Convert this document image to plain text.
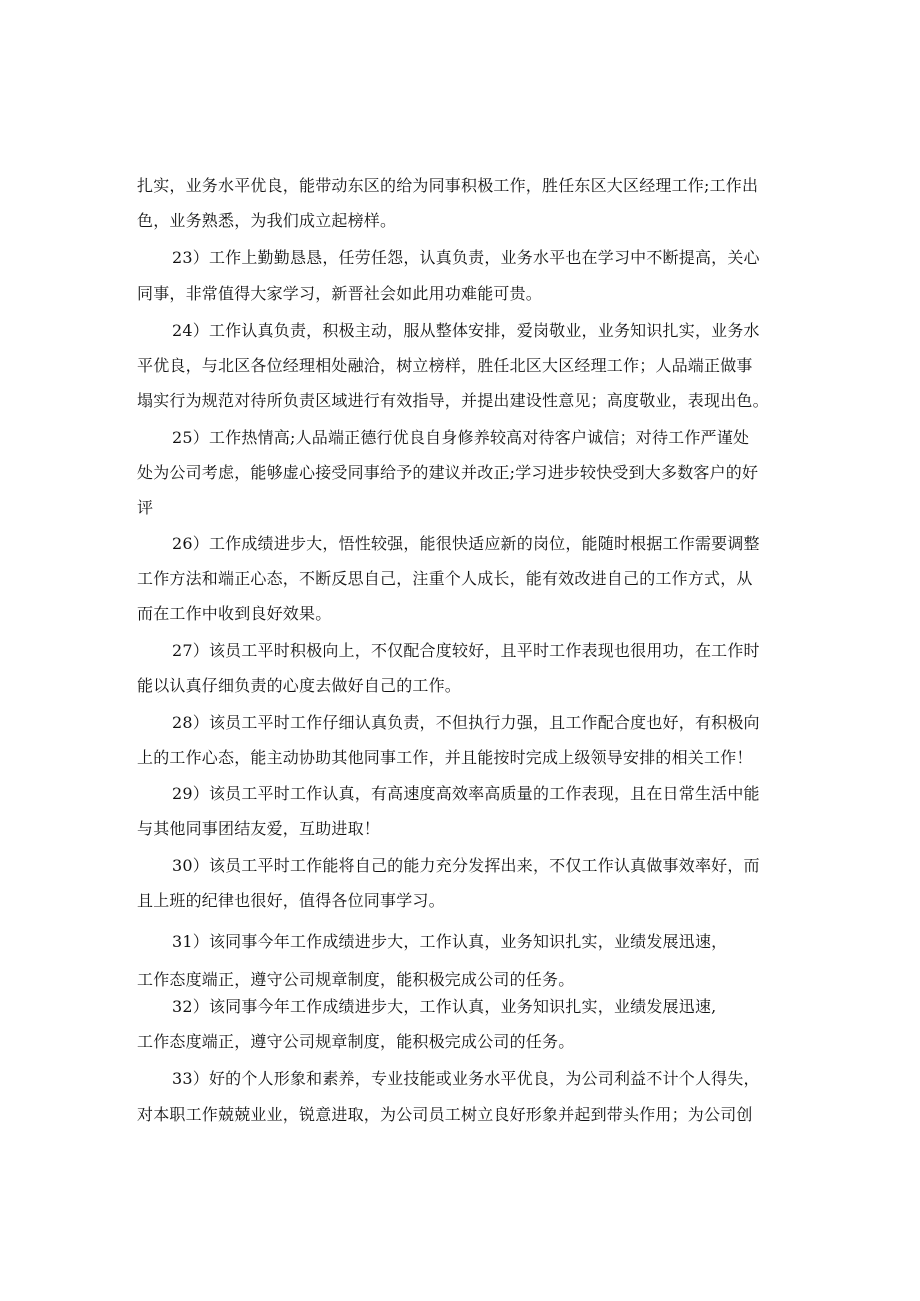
扎实，业务水平优良，能带动东区的给为同事积极工作，胜任东区大区经理工作;工作出
色，业务熟悉，为我们成立起榜样。
23）工作上勤勤恳恳，任劳任怨，认真负责，业务水平也在学习中不断提高，关心
同事，非常值得大家学习，新晋社会如此用功难能可贵。
24）工作认真负责，积极主动，服从整体安排，爱岗敬业，业务知识扎实，业务水
平优良，与北区各位经理相处融洽，树立榜样，胜任北区大区经理工作；人品端正做事
塌实行为规范对待所负责区域进行有效指导，并提出建设性意见；高度敬业，表现出色。
25）工作热情高;人品端正德行优良自身修养较高对待客户诚信；对待工作严谨处
处为公司考虑，能够虚心接受同事给予的建议并改正;学习进步较快受到大多数客户的好
评
26）工作成绩进步大，悟性较强，能很快适应新的岗位，能随时根据工作需要调整
工作方法和端正心态，不断反思自己，注重个人成长，能有效改进自己的工作方式，从
而在工作中收到良好效果。
27）该员工平时积极向上，不仅配合度较好，且平时工作表现也很用功，在工作时
能以认真仔细负责的心度去做好自己的工作。
28）该员工平时工作仔细认真负责，不但执行力强，且工作配合度也好，有积极向
上的工作心态，能主动协助其他同事工作，并且能按时完成上级领导安排的相关工作！
29）该员工平时工作认真，有高速度高效率高质量的工作表现，且在日常生活中能
与其他同事团结友爱，互助进取！
30）该员工平时工作能将自己的能力充分发挥出来，不仅工作认真做事效率好，而
且上班的纪律也很好，值得各位同事学习。
31）该同事今年工作成绩进步大，工作认真，业务知识扎实，业绩发展迅速，
工作态度端正，遵守公司规章制度，能积极完成公司的任务。
32）该同事今年工作成绩进步大，工作认真，业务知识扎实，业绩发展迅速,
工作态度端正，遵守公司规章制度，能积极完成公司的任务。
33）好的个人形象和素养，专业技能或业务水平优良，为公司利益不计个人得失，
对本职工作兢兢业业，锐意进取，为公司员工树立良好形象并起到带头作用；为公司创
